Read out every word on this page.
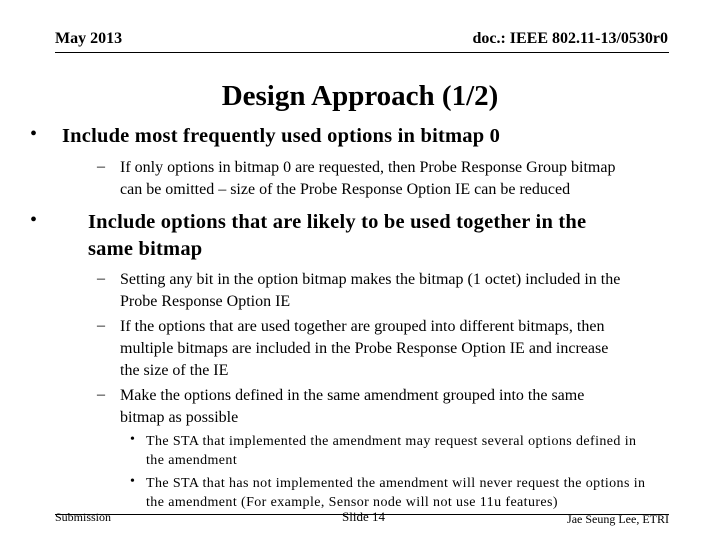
May 2013	doc.: IEEE 802.11-13/0530r0
Design Approach (1/2)
• Include most frequently used options in bitmap 0
– If only options in bitmap 0 are requested, then Probe Response Group bitmap
can be omitted – size of the Probe Response Option IE can be reduced
• Include options that are likely to be used together in the
same bitmap
– Setting any bit in the option bitmap makes the bitmap (1 octet) included in the
Probe Response Option IE
– If the options that are used together are grouped into different bitmaps, then
multiple bitmaps are included in the Probe Response Option IE and increase
the size of the IE
– Make the options defined in the same amendment grouped into the same
bitmap as possible
• The STA that implemented the amendment may request several options defined in
the amendment
• The STA that has not implemented the amendment will never request the options in
the amendment (For example, Sensor node will not use 11u features)
Submission	Slide 14	Jae Seung Lee, ETRI
